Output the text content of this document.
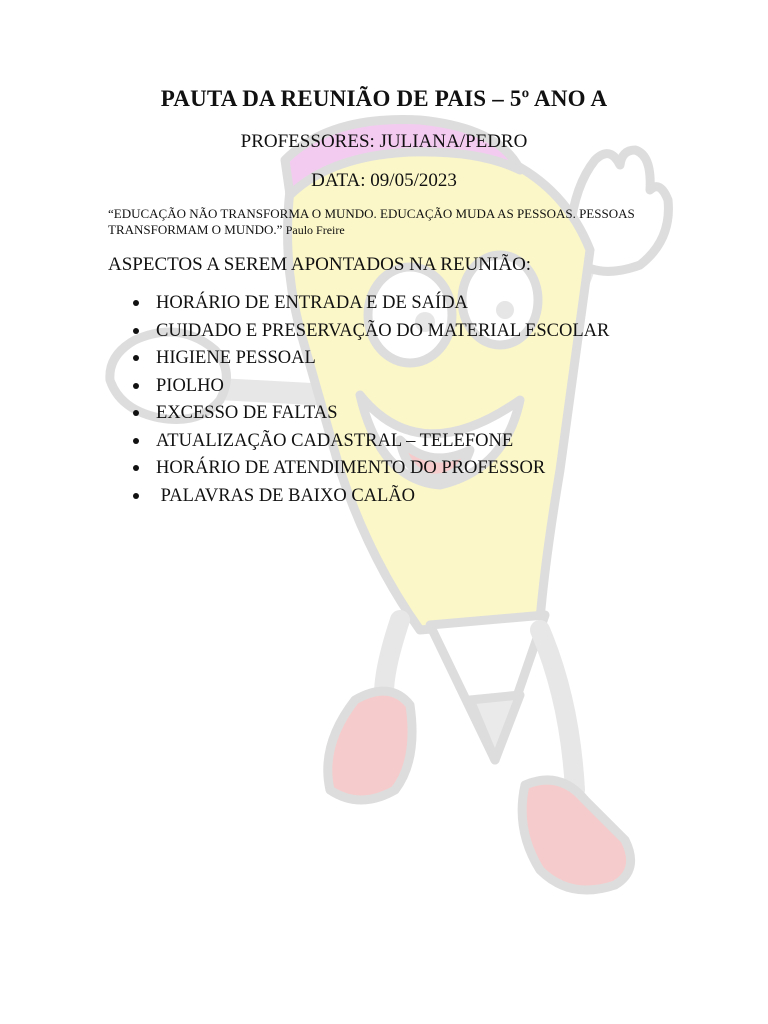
PAUTA DA REUNIÃO DE PAIS – 5º ANO A
PROFESSORES: JULIANA/PEDRO
DATA: 09/05/2023
“EDUCAÇÃO NÃO TRANSFORMA O MUNDO. EDUCAÇÃO MUDA AS PESSOAS. PESSOAS TRANSFORMAM O MUNDO.” Paulo Freire
ASPECTOS A SEREM APONTADOS NA REUNIÃO:
HORÁRIO DE ENTRADA E DE SAÍDA
CUIDADO E PRESERVAÇÃO DO MATERIAL ESCOLAR
HIGIENE PESSOAL
PIOLHO
EXCESSO DE FALTAS
ATUALIZAÇÃO CADASTRAL – TELEFONE
HORÁRIO DE ATENDIMENTO DO PROFESSOR
PALAVRAS DE BAIXO CALÃO
